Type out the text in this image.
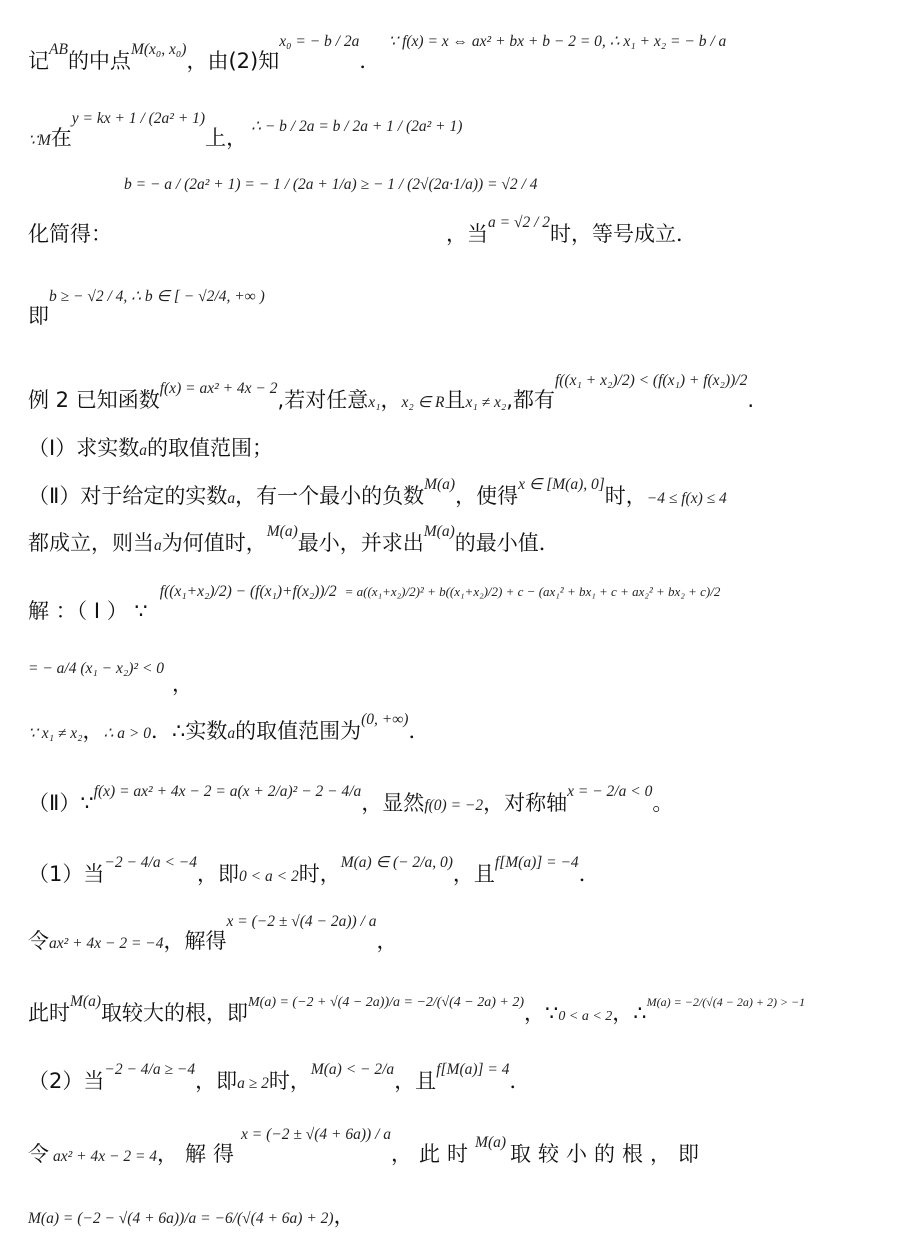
记AB的中点M(x₀, x₀)，由(2)知x₀ = − b / 2a．  ∵ f(x) = x ⇔ ax² + bx + b − 2 = 0, ∴ x₁ + x₂ = − b / a
∵M在y = kx + 1 / (2a² + 1)上， ∴ − b / 2a = b / 2a + 1 / (2a² + 1)
b = − a / (2a² + 1) = − 1 / (2a + 1/a) ≥ − 1 / (2√(2a·1/a)) = √2 / 4
化简得：	，当$^{a = √2 / 2}$时，等号成立．
即b ≥ − √2 / 4, ∴ b ∈ [ − √2/4, +∞ )
例 2 已知函数f(x) = ax² + 4x − 2,若对任意x₁，x₂ ∈ R且x₁ ≠ x₂,都有f((x₁ + x₂)/2) < (f(x₁) + f(x₂))/2.
（Ⅰ）求实数a的取值范围；
（Ⅱ）对于给定的实数a，有一个最小的负数M(a)，使得x ∈ [M(a), 0]时，−4 ≤ f(x) ≤ 4
都成立，则当a为何值时，M(a)最小，并求出M(a)的最小值．
解 ：（ Ⅰ ） ∵   f((x₁+x₂)/2) − (f(x₁)+f(x₂))/2 $^{= a((x_1+x_2)/2)^2 + b((x_1+x_2)/2) + c - (ax_1^2 + bx_1 + c + ax_2^2 + bx_2 + c)/2}$
= − a/4 (x₁ − x₂)² < 0，
∵ x₁ ≠ x₂，∴ a > 0．∴实数a的取值范围为(0, +∞)．
（Ⅱ）∵f(x) = ax² + 4x − 2 = a(x + 2/a)² − 2 − 4/a，显然f(0) = −2，对称轴x = − 2/a < 0。
（1）当−2 − 4/a < −4，即0 < a < 2时，M(a) ∈ (− 2/a, 0)，且f[M(a)] = −4．
令ax² + 4x − 2 = −4，解得x = (−2 ± √(4 − 2a)) / a，
此时M(a)取较大的根，即M(a) = (−2 + √(4 − 2a))/a = −2/(√(4 − 2a) + 2)，∵0 < a < 2，∴$^{M(a) = -2/(√(4 - 2a) + 2) > -1}$
（2）当−2 − 4/a ≥ −4，即a ≥ 2时，M(a) < − 2/a，且f[M(a)] = 4．
令 ax² + 4x − 2 = 4，解得x = (−2 ± √(4 + 6a)) / a，此时M(a) 取较小的根，即
M(a) = (−2 − √(4 + 6a))/a = −6/(√(4 + 6a) + 2)，
